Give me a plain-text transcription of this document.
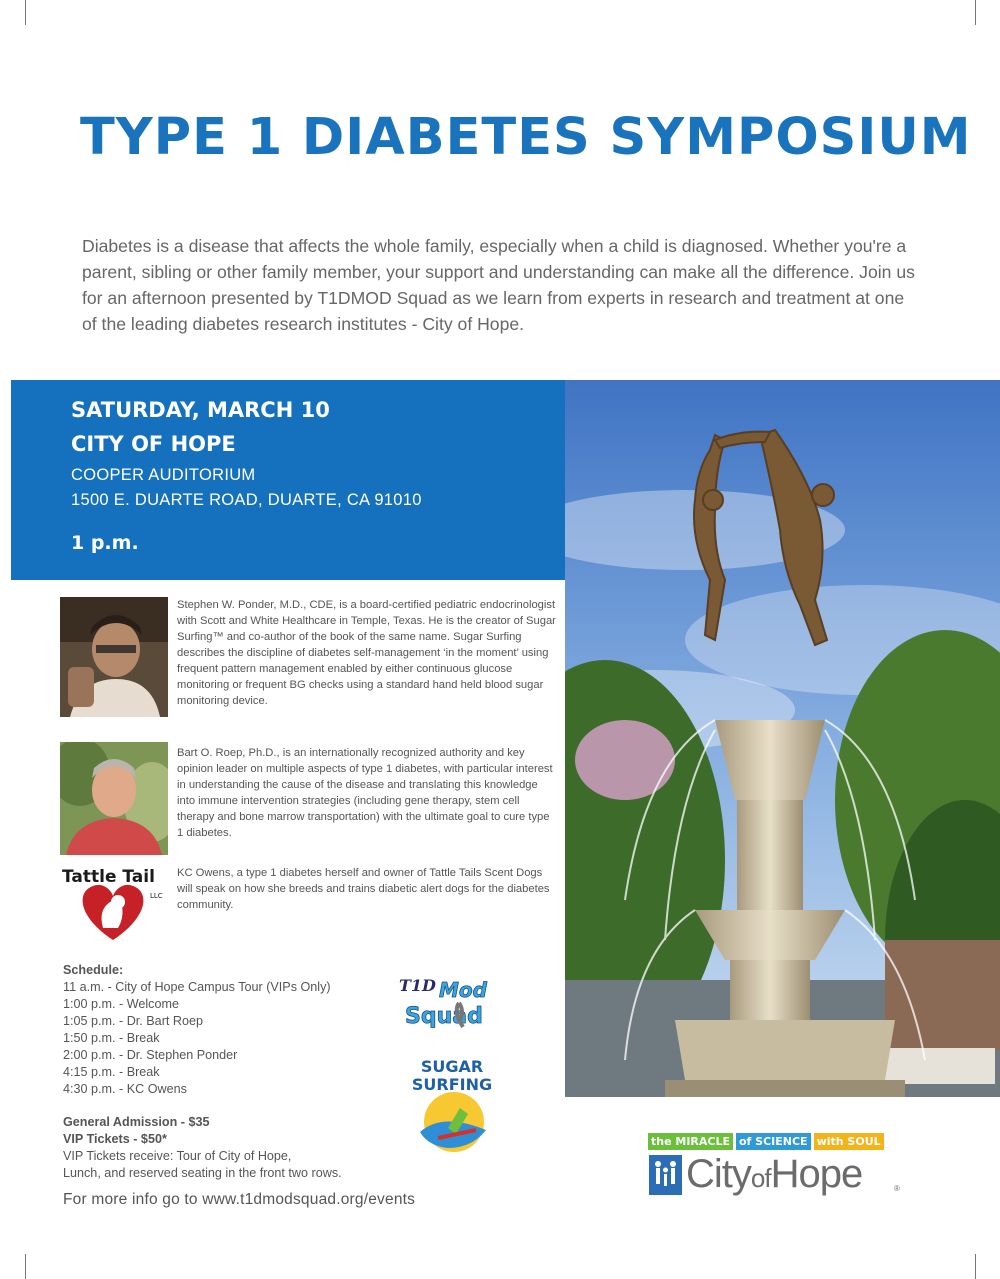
TYPE 1 DIABETES SYMPOSIUM

Diabetes is a disease that affects the whole family, especially when a child is diagnosed. Whether you're a parent, sibling or other family member, your support and understanding can make all the difference. Join us for an afternoon presented by T1DMOD Squad as we learn from experts in research and treatment at one of the leading diabetes research institutes - City of Hope.

SATURDAY, MARCH 10
CITY OF HOPE
COOPER AUDITORIUM
1500 E. DUARTE ROAD, DUARTE, CA 91010
1 p.m.

Stephen W. Ponder, M.D., CDE, is a board-certified pediatric endocrinologist with Scott and White Healthcare in Temple, Texas. He is the creator of Sugar Surfing™ and co-author of the book of the same name. Sugar Surfing describes the discipline of diabetes self-management ‘in the moment’ using frequent pattern management enabled by either continuous glucose monitoring or frequent BG checks using a standard hand held blood sugar monitoring device.

Bart O. Roep, Ph.D., is an internationally recognized authority and key opinion leader on multiple aspects of type 1 diabetes, with particular interest in understanding the cause of the disease and translating this knowledge into immune intervention strategies (including gene therapy, stem cell therapy and bone marrow transportation) with the ultimate goal to cure type 1 diabetes.

Tattle Tail
LLC

KC Owens, a type 1 diabetes herself and owner of Tattle Tails Scent Dogs will speak on how she breeds and trains diabetic alert dogs for the diabetes community.

Schedule:
11 a.m. - City of Hope Campus Tour (VIPs Only)
1:00 p.m. - Welcome
1:05 p.m. - Dr. Bart Roep
1:50 p.m. - Break
2:00 p.m. - Dr. Stephen Ponder
4:15 p.m. - Break
4:30 p.m. - KC Owens
General Admission - $35
VIP Tickets - $50*
VIP Tickets receive: Tour of City of Hope,
Lunch, and reserved seating in the front two rows.
For more info go to www.t1dmodsquad.org/events
T1D Mod
Squad
SUGAR
SURFING
the MIRACLE of SCIENCE with SOUL
CityofHope	®
